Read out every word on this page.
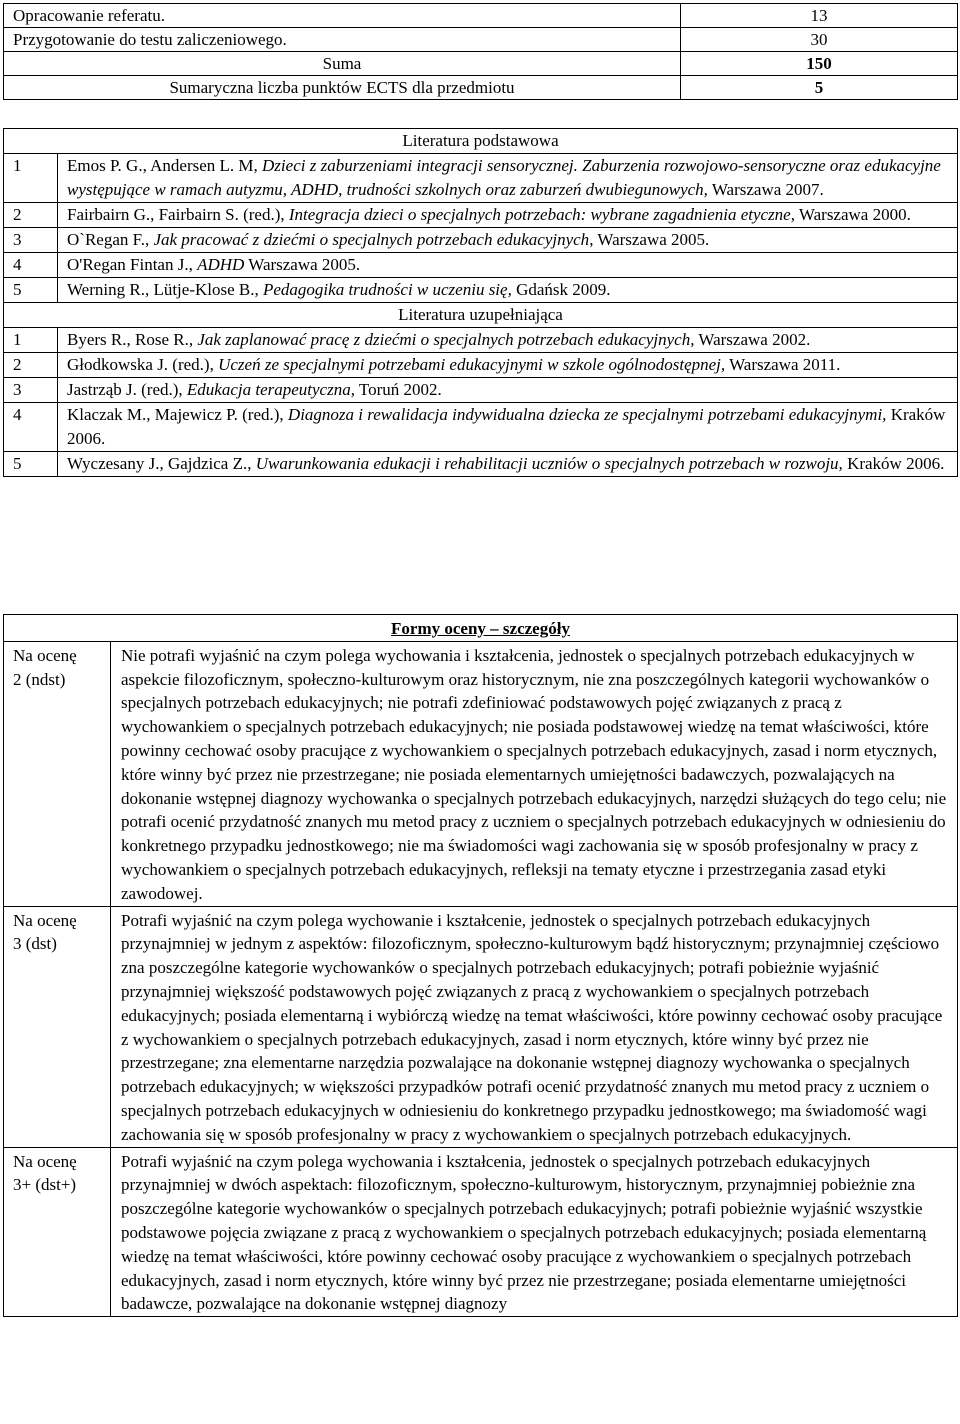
Opracowanie referatu.	13
Przygotowanie do testu zaliczeniowego.	30
Suma	150
Sumaryczna liczba punktów ECTS dla przedmiotu	5
Literatura podstawowa	
1	Emos P. G., Andersen L. M, Dzieci z zaburzeniami integracji sensorycznej. Zaburzenia rozwojowo-sensoryczne oraz edukacyjne występujące w ramach autyzmu, ADHD, trudności szkolnych oraz zaburzeń dwubiegunowych, Warszawa 2007.
2	Fairbairn G., Fairbairn S. (red.), Integracja dzieci o specjalnych potrzebach: wybrane zagadnienia etyczne, Warszawa 2000.
3	O`Regan F., Jak pracować z dziećmi o specjalnych potrzebach edukacyjnych, Warszawa 2005.
4	O'Regan Fintan J., ADHD Warszawa 2005.
5	Werning R., Lütje-Klose B., Pedagogika trudności w uczeniu się, Gdańsk 2009.
Literatura uzupełniająca	
1	Byers R., Rose R., Jak zaplanować pracę z dziećmi o specjalnych potrzebach edukacyjnych, Warszawa 2002.
2	Głodkowska J. (red.), Uczeń ze specjalnymi potrzebami edukacyjnymi w szkole ogólnodostępnej, Warszawa 2011.
3	Jastrząb J. (red.), Edukacja terapeutyczna, Toruń 2002.
4	Klaczak M., Majewicz P. (red.), Diagnoza i rewalidacja indywidualna dziecka ze specjalnymi potrzebami edukacyjnymi, Kraków 2006.
5	Wyczesany J., Gajdzica Z., Uwarunkowania edukacji i rehabilitacji uczniów o specjalnych potrzebach w rozwoju, Kraków 2006.
Formy oceny – szczegóły	

Na ocenę
2 (ndst)	Nie potrafi wyjaśnić na czym polega wychowania i kształcenia, jednostek o specjalnych potrzebach edukacyjnych w aspekcie filozoficznym, społeczno-kulturowym oraz historycznym, nie zna poszczególnych kategorii wychowanków o specjalnych potrzebach edukacyjnych; nie potrafi zdefiniować podstawowych pojęć związanych z pracą z wychowankiem o specjalnych potrzebach edukacyjnych; nie posiada podstawowej wiedzę na temat właściwości, które powinny cechować osoby pracujące z wychowankiem o specjalnych potrzebach edukacyjnych, zasad i norm etycznych, które winny być przez nie przestrzegane; nie posiada elementarnych umiejętności badawczych, pozwalających na dokonanie wstępnej diagnozy wychowanka o specjalnych potrzebach edukacyjnych, narzędzi służących do tego celu; nie potrafi ocenić przydatność znanych mu metod pracy z uczniem o specjalnych potrzebach edukacyjnych w odniesieniu do konkretnego przypadku jednostkowego; nie ma świadomości wagi zachowania się w sposób profesjonalny w pracy z wychowankiem o specjalnych potrzebach edukacyjnych, refleksji na tematy etyczne i przestrzegania zasad etyki zawodowej.

Na ocenę
3 (dst)	Potrafi wyjaśnić na czym polega wychowanie i kształcenie, jednostek o specjalnych potrzebach edukacyjnych przynajmniej w jednym z aspektów: filozoficznym, społeczno-kulturowym bądź historycznym; przynajmniej częściowo zna poszczególne kategorie wychowanków o specjalnych potrzebach edukacyjnych; potrafi pobieżnie wyjaśnić przynajmniej większość podstawowych pojęć związanych z pracą z wychowankiem o specjalnych potrzebach edukacyjnych; posiada elementarną i wybiórczą wiedzę na temat właściwości, które powinny cechować osoby pracujące z wychowankiem o specjalnych potrzebach edukacyjnych, zasad i norm etycznych, które winny być przez nie przestrzegane; zna elementarne narzędzia pozwalające na dokonanie wstępnej diagnozy wychowanka o specjalnych potrzebach edukacyjnych; w większości przypadków potrafi ocenić przydatność znanych mu metod pracy z uczniem o specjalnych potrzebach edukacyjnych w odniesieniu do konkretnego przypadku jednostkowego; ma świadomość wagi zachowania się w sposób profesjonalny w pracy z wychowankiem o specjalnych potrzebach edukacyjnych.

Na ocenę
3+ (dst+)	Potrafi wyjaśnić na czym polega wychowania i kształcenia, jednostek o specjalnych potrzebach edukacyjnych przynajmniej w dwóch aspektach: filozoficznym, społeczno-kulturowym, historycznym, przynajmniej pobieżnie zna poszczególne kategorie wychowanków o specjalnych potrzebach edukacyjnych; potrafi pobieżnie wyjaśnić wszystkie podstawowe pojęcia związane z pracą z wychowankiem o specjalnych potrzebach edukacyjnych; posiada elementarną wiedzę na temat właściwości, które powinny cechować osoby pracujące z wychowankiem o specjalnych potrzebach edukacyjnych, zasad i norm etycznych, które winny być przez nie przestrzegane; posiada elementarne umiejętności badawcze, pozwalające na dokonanie wstępnej diagnozy
